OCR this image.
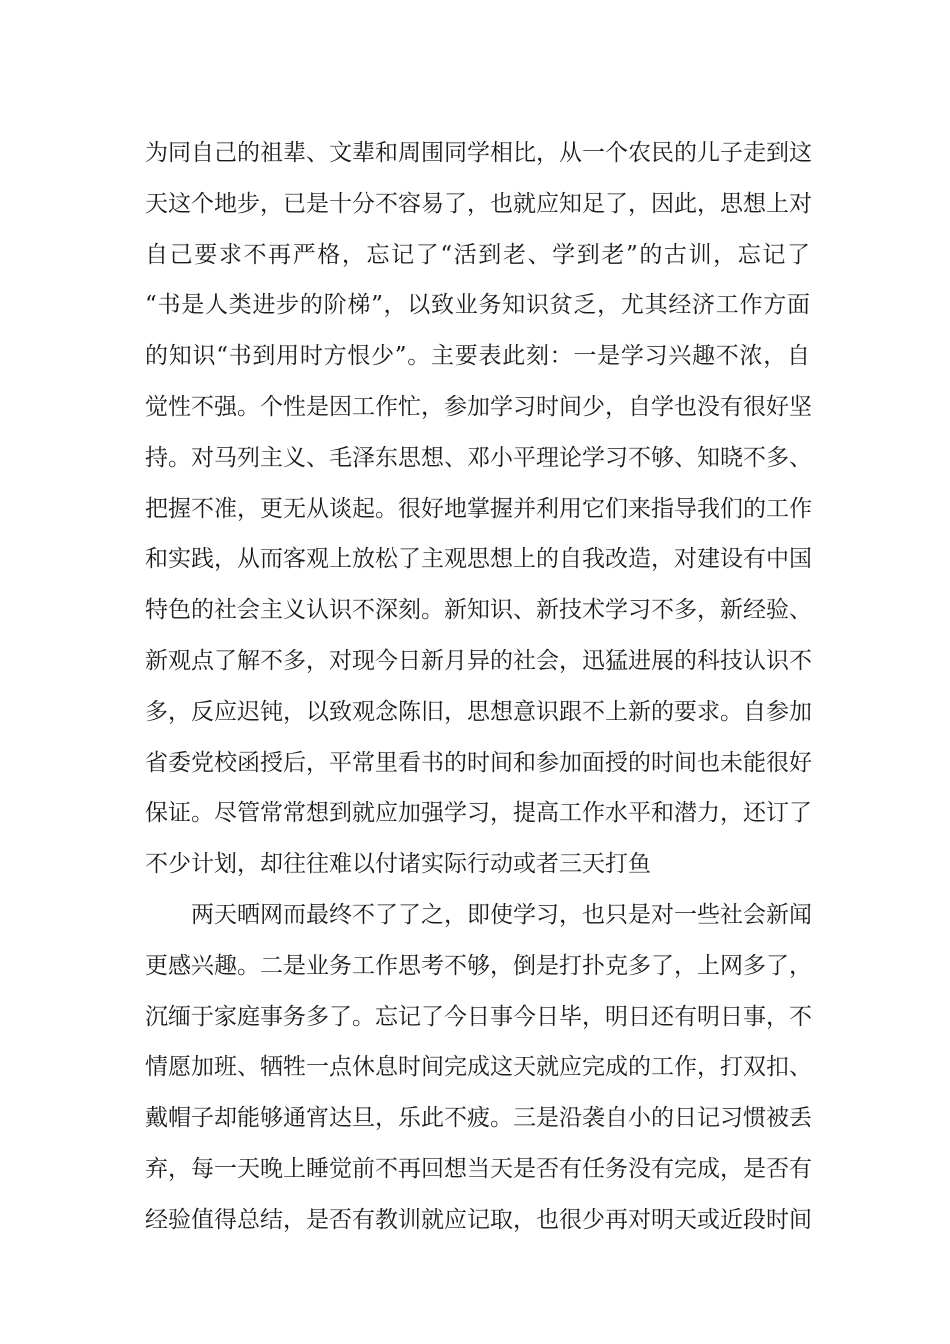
为同自己的祖辈、文辈和周围同学相比，从一个农民的儿子走到这
天这个地步，已是十分不容易了，也就应知足了，因此，思想上对
自己要求不再严格，忘记了“活到老、学到老”的古训，忘记了
“书是人类进步的阶梯”，以致业务知识贫乏，尤其经济工作方面
的知识“书到用时方恨少”。主要表此刻：一是学习兴趣不浓，自
觉性不强。个性是因工作忙，参加学习时间少，自学也没有很好坚
持。对马列主义、毛泽东思想、邓小平理论学习不够、知晓不多、
把握不准，更无从谈起。很好地掌握并利用它们来指导我们的工作
和实践，从而客观上放松了主观思想上的自我改造，对建设有中国
特色的社会主义认识不深刻。新知识、新技术学习不多，新经验、
新观点了解不多，对现今日新月异的社会，迅猛进展的科技认识不
多，反应迟钝，以致观念陈旧，思想意识跟不上新的要求。自参加
省委党校函授后，平常里看书的时间和参加面授的时间也未能很好
保证。尽管常常想到就应加强学习，提高工作水平和潜力，还订了
不少计划，却往往难以付诸实际行动或者三天打鱼
两天晒网而最终不了了之，即使学习，也只是对一些社会新闻
更感兴趣。二是业务工作思考不够，倒是打扑克多了，上网多了，
沉缅于家庭事务多了。忘记了今日事今日毕，明日还有明日事，不
情愿加班、牺牲一点休息时间完成这天就应完成的工作，打双扣、
戴帽子却能够通宵达旦，乐此不疲。三是沿袭自小的日记习惯被丢
弃，每一天晚上睡觉前不再回想当天是否有任务没有完成，是否有
经验值得总结，是否有教训就应记取，也很少再对明天或近段时间
